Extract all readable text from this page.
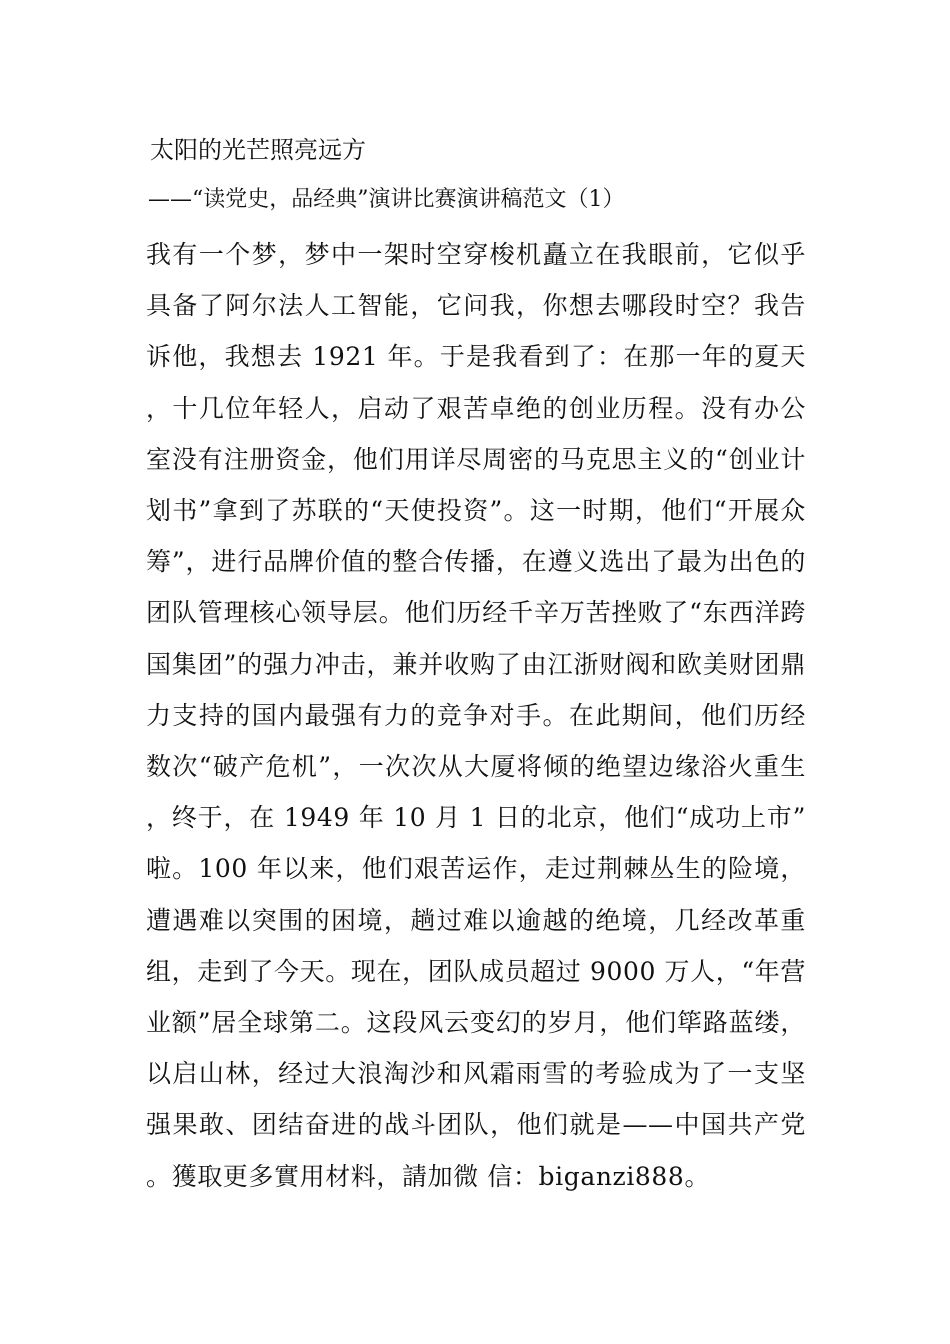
太阳的光芒照亮远方
——“读党史，品经典”演讲比赛演讲稿范文（1）
我有一个梦，梦中一架时空穿梭机矗立在我眼前，它似乎具备了阿尔法人工智能，它问我，你想去哪段时空？我告诉他，我想去 1921 年。于是我看到了：在那一年的夏天，十几位年轻人，启动了艰苦卓绝的创业历程。没有办公室没有注册资金，他们用详尽周密的马克思主义的“创业计划书”拿到了苏联的“天使投资”。这一时期，他们“开展众筹”，进行品牌价值的整合传播，在遵义选出了最为出色的团队管理核心领导层。他们历经千辛万苦挫败了“东西洋跨国集团”的强力冲击，兼并收购了由江浙财阀和欧美财团鼎力支持的国内最强有力的竞争对手。在此期间，他们历经数次“破产危机”，一次次从大厦将倾的绝望边缘浴火重生，终于，在 1949 年 10 月 1 日的北京，他们“成功上市”啦。100 年以来，他们艰苦运作，走过荆棘丛生的险境，遭遇难以突围的困境，趟过难以逾越的绝境，几经改革重组，走到了今天。现在，团队成员超过 9000 万人，“年营业额”居全球第二。这段风云变幻的岁月，他们筚路蓝缕，以启山林，经过大浪淘沙和风霜雨雪的考验成为了一支坚强果敢、团结奋进的战斗团队，他们就是——中国共产党。獲取更多實用材料，請加微 信：biganzi888。
